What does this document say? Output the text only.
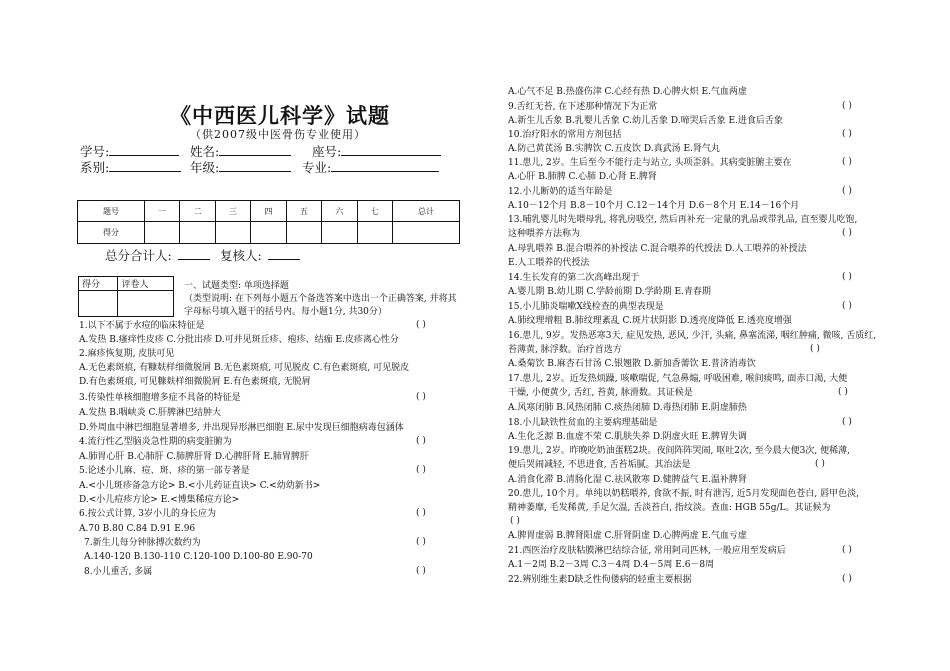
《中西医儿科学》试题
（供2007级中医骨伤专业使用）
学号:	姓名:	座号:
系别:	年级:	专业:
题号	一	二	三	四	五	六	七	总计
得分								
总分合计人:	复核人:
得分	评卷人
		一、试题类型: 单项选择题
（类型说明: 在下列每小题五个备选答案中选出一个正确答案, 并将其
字母标号填入题干的括号内。每小题1分, 共30分）
1.以下不属于水痘的临床特征是
A.发热 B.瘙痒性皮疹 C.分批出疹 D.可并见斑丘疹、疱疹、结痂 E.皮疹离心性分
2.麻疹恢复期, 皮肤可见
A.无色素斑痕, 有糠麸样细微脱屑 B.无色素斑痕, 可见脱皮 C.有色素斑痕, 可见脱皮
D.有色素斑痕, 可见糠麸样细微脱屑 E.有色素斑痕, 无脱屑
3.传染性单核细胞增多症不具备的特征是
A.发热 B.咽峡炎 C.肝脾淋巴结肿大
D.外周血中淋巴细胞显著增多, 并出现异形淋巴细胞 E.尿中发现巨细胞病毒包涵体
4.流行性乙型脑炎急性期的病变脏腑为
A.肺胃心肝 B.心肺肝 C.肺脾肝肾 D.心脾肝肾 E.肺胃脾肝
5.论述小儿麻、痘、斑、疹的第一部专著是
A.<小儿斑疹备急方论> B.<小儿药证直诀> C.<幼幼新书>
D.<小儿痘疹方论> E.<博集稀痘方论>
6.按公式计算, 3岁小儿的身长应为
A.70 B.80 C.84 D.91 E.96
7.新生儿每分钟脉搏次数约为
A.140-120 B.130-110 C.120-100 D.100-80 E.90-70
8.小儿重舌, 多属
( )
( )
( )
( )
( )
( )
( )
A.心气不足 B.热盛伤津 C.心经有热 D.心脾火炽 E.气血两虚
9.舌红无苔, 在下述那种情况下为正常
A.新生儿舌象 B.乳婴儿舌象 C.幼儿舌象 D.啼哭后舌象 E.进食后舌象
10.治疗阳水的常用方剂包括
A.防己黄芪汤 B.实脾饮 C.五皮饮 D.真武汤 E.肾气丸
11.患儿, 2岁。生后至今不能行走与站立, 头项歪斜。其病变脏腑主要在
A.心肝 B.肺脾 C.心肺 D.心肾 E.脾肾
12.小儿断奶的适当年龄是
A.10－12个月 B.8－10个月 C.12－14个月 D.6－8个月 E.14－16个月
13.哺乳婴儿时先喂母乳, 将乳房吸空, 然后再补充一定量的乳品或带乳品, 直至婴儿吃饱,
这种喂养方法称为
A.母乳喂养 B.混合喂养的补授法 C.混合喂养的代授法 D.人工喂养的补授法
E.人工喂养的代授法
14.生长发育的第二次高峰出现于
A.婴儿期 B.幼儿期 C.学龄前期 D.学龄期 E.青春期
15.小儿肺炎喘嗽X线检查的典型表现是
A.肺纹理增粗 B.肺纹理紊乱 C.斑片状阴影 D.透亮度降低 E.透亮度增强
16.患儿, 9岁。发热恶寒3天, 症见发热, 恶风, 少汗, 头痛, 鼻塞流涕, 咽红肿痛, 微咳, 舌质红,
苔薄黄, 脉浮数。治疗首选方
A.桑菊饮 B.麻杏石甘汤 C.银翘散 D.新加香薷饮 E.普济消毒饮
17.患儿, 2岁。近发热烦躁, 咳嗽喘促, 气急鼻煽, 呼吸困难, 喉间痰鸣, 面赤口渴, 大便
干燥, 小便黄少, 舌红, 苔黄, 脉滑数。其证候是
A.风寒闭肺 B.风热闭肺 C.痰热闭肺 D.毒热闭肺 E.阴虚肺热
18.小儿缺铁性贫血的主要病理基础是
A.生化乏源 B.血虚不荣 C.肌肤失养 D.阴虚火旺 E.脾胃失调
19.患儿, 2岁。昨晚吃奶油蛋糕2块。夜间阵阵哭闹, 呕吐2次, 至今晨大便3次, 便稀薄,
便后哭闹减轻, 不思进食, 舌苔垢腻。其治法是
A.消食化滞 B.清肠化湿 C.祛风散寒 D.健脾益气 E.温补脾肾
20.患儿, 10个月。单纯以奶糕喂养, 食欲不振, 时有泄泻, 近5月发现面色苍白, 唇甲色淡,
精神萎靡, 毛发稀黄, 手足欠温, 舌淡苔白, 指纹淡。查血: HGB 55g/L。其证候为
A.脾胃虚弱 B.脾肾阳虚 C.肝肾阴虚 D.心脾两虚 E.气血亏虚
21.西医治疗皮肤粘膜淋巴结综合征, 常用阿司匹林, 一般应用至发病后
A.1－2周 B.2－3周 C.3－4周 D.4－5周 E.6－8周
22.辨别维生素D缺乏性佝偻病的轻重主要根据
( )
( )
( )
( )
( )
( )
( )
( )
( )
( )
( )
( )
( )
( )
